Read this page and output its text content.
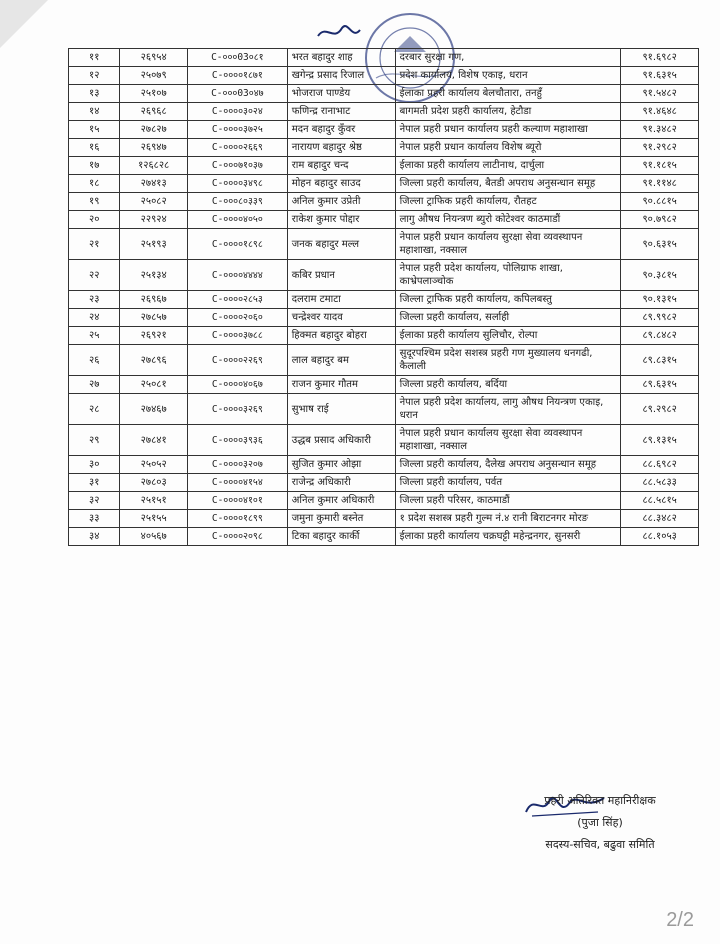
११	२६९५४	C-०००03०८१	भरत बहादुर शाह	दरबार सुरक्षा गण,	९१.६९८२
१२	२५०७९	C-००००१८७१	खगेन्द्र प्रसाद रिजाल	प्रदेश कार्यालय, विशेष एकाइ, धरान	९१.६३१५
१३	२५१०७	C-०००03०४७	भोजराज पाण्डेय	ईलाका प्रहरी कार्यालय बेलचौतारा, तनहुँ	९१.५४८२
१४	२६९६८	C-००००३०२४	फणिन्द्र रानाभाट	बागमती प्रदेश प्रहरी कार्यालय, हेटौडा	९१.४६४८
१५	२७८२७	C-००००३७२५	मदन बहादुर कुँवर	नेपाल प्रहरी प्रधान कार्यालय प्रहरी कल्याण महाशाखा	९१.३४८२
१६	२६९४७	C-००००२६६९	नारायण बहादुर श्रेष्ठ	नेपाल प्रहरी प्रधान कार्यालय विशेष ब्यूरो	९१.२९८२
१७	१२६८२८	C-०००७१०३७	राम बहादुर चन्द	ईलाका प्रहरी कार्यालय लाटीनाथ, दार्चुला	९१.१८१५
१८	२७४१३	C-००००३४९८	मोहन बहादुर साउद	जिल्ला प्रहरी कार्यालय, बैतडी अपराध अनुसन्धान समूह	९१.११४८
१९	२५०८२	C-०००८०३३९	अनिल कुमार उप्रेती	जिल्ला ट्राफिक प्रहरी कार्यालय, रौतहट	९०.८८१५
२०	२२९२४	C-००००४०५०	राकेश कुमार पोद्दार	लागु औषध नियन्त्रण ब्युरो कोटेश्वर काठमाडौं	९०.७९८२
२१	२५१९३	C-००००१८९८	जनक बहादुर मल्ल	नेपाल प्रहरी प्रधान कार्यालय सुरक्षा सेवा व्यवस्थापन महाशाखा, नक्साल	९०.६३१५
२२	२५१३४	C-००००४४४४	कबिर प्रधान	नेपाल प्रहरी प्रदेश कार्यालय, पोलिग्राफ शाखा, काभ्रेपलाञ्चोक	९०.३८१५
२३	२६९६७	C-००००२८५३	दलराम टमाटा	जिल्ला ट्राफिक प्रहरी कार्यालय, कपिलबस्तु	९०.१३१५
२४	२७८५७	C-००००२०६०	चन्द्रेश्वर यादव	जिल्ला प्रहरी कार्यालय, सर्लाही	८९.९९८२
२५	२६९२१	C-००००३७८८	हिक्मत बहादुर बोहरा	ईलाका प्रहरी कार्यालय सुलिचौर, रोल्पा	८९.८४८२
२६	२७८९६	C-००००२२६९	लाल बहादुर बम	सुदूरपश्चिम प्रदेश सशस्त्र प्रहरी गण मुख्यालय धनगढी, कैलाली	८९.८३१५
२७	२५०८१	C-००००४०६७	राजन कुमार गौतम	जिल्ला प्रहरी कार्यालय, बर्दिया	८९.६३१५
२८	२७४६७	C-००००३२६९	सुभाष राई	नेपाल प्रहरी प्रदेश कार्यालय, लागु औषध नियन्त्रण एकाइ, धरान	८९.२९८२
२९	२७८४१	C-००००३९३६	उद्धब प्रसाद अधिकारी	नेपाल प्रहरी प्रधान कार्यालय सुरक्षा सेवा व्यवस्थापन महाशाखा, नक्साल	८९.१३१५
३०	२५०५२	C-००००३२०७	सुजित कुमार ओझा	जिल्ला प्रहरी कार्यालय, दैलेख अपराध अनुसन्धान समूह	८८.६९८२
३१	२७८०३	C-००००४१५४	राजेन्द्र अधिकारी	जिल्ला प्रहरी कार्यालय, पर्वत	८८.५८३३
३२	२५१५१	C-००००४१०१	अनिल कुमार अधिकारी	जिल्ला प्रहरी परिसर, काठमाडौं	८८.५८१५
३३	२५१५५	C-००००१८९९	जमुना कुमारी बस्नेत	१ प्रदेश सशस्त्र प्रहरी गुल्म नं.४ रानी बिराटनगर मोरङ	८८.३४८२
३४	४०५६७	C-००००२०९८	टिका बहादुर कार्की	ईलाका प्रहरी कार्यालय चक्रघट्टी महेन्द्रनगर, सुनसरी	८८.१०५३
प्रहरी अतिरिक्त महानिरीक्षक
(पुजा सिंह)
सदस्य-सचिव, बढुवा समिति
2/2
